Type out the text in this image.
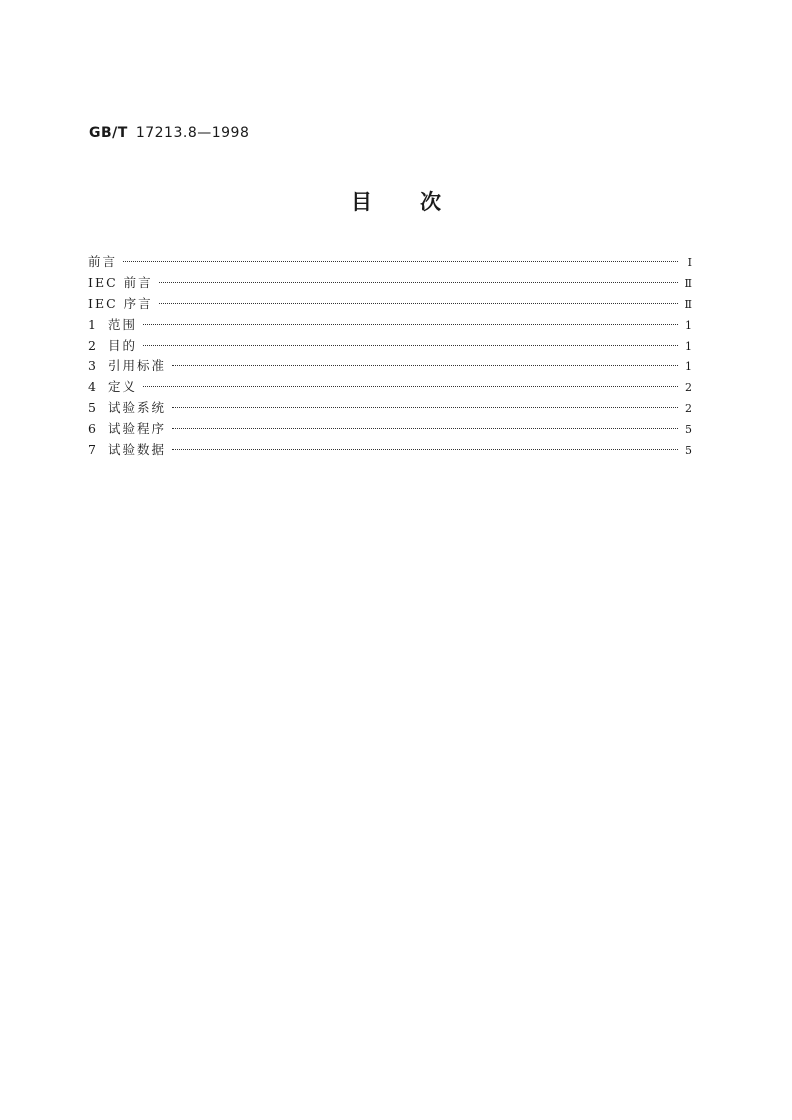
GB/T 17213.8—1998
目次
前言	Ⅰ
IEC 前言	Ⅱ
IEC 序言	Ⅱ
1 范围	1
2 目的	1
3 引用标准	1
4 定义	2
5 试验系统	2
6 试验程序	5
7 试验数据	5
